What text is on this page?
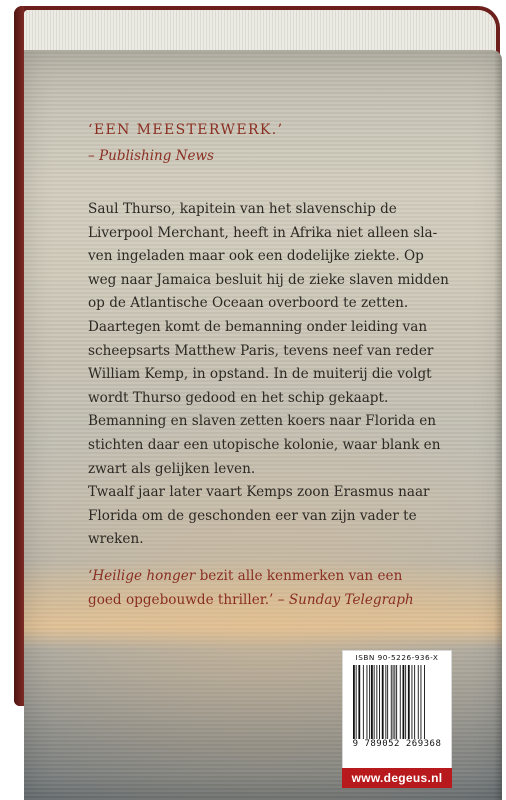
‘EEN MEESTERWERK.’
– Publishing News

Saul Thurso, kapitein van het slavenschip de

Liverpool Merchant, heeft in Afrika niet alleen sla-

ven ingeladen maar ook een dodelijke ziekte. Op

weg naar Jamaica besluit hij de zieke slaven midden

op de Atlantische Oceaan overboord te zetten.

Daartegen komt de bemanning onder leiding van

scheepsarts Matthew Paris, tevens neef van reder

William Kemp, in opstand. In de muiterij die volgt

wordt Thurso gedood en het schip gekaapt.

Bemanning en slaven zetten koers naar Florida en

stichten daar een utopische kolonie, waar blank en

zwart als gelijken leven.

Twaalf jaar later vaart Kemps zoon Erasmus naar

Florida om de geschonden eer van zijn vader te

wreken.

‘Heilige honger bezit alle kenmerken van een
goed opgebouwde thriller.’ – Sunday Telegraph
ISBN 90-5226-936-X
9 789052 269368
www.degeus.nl
